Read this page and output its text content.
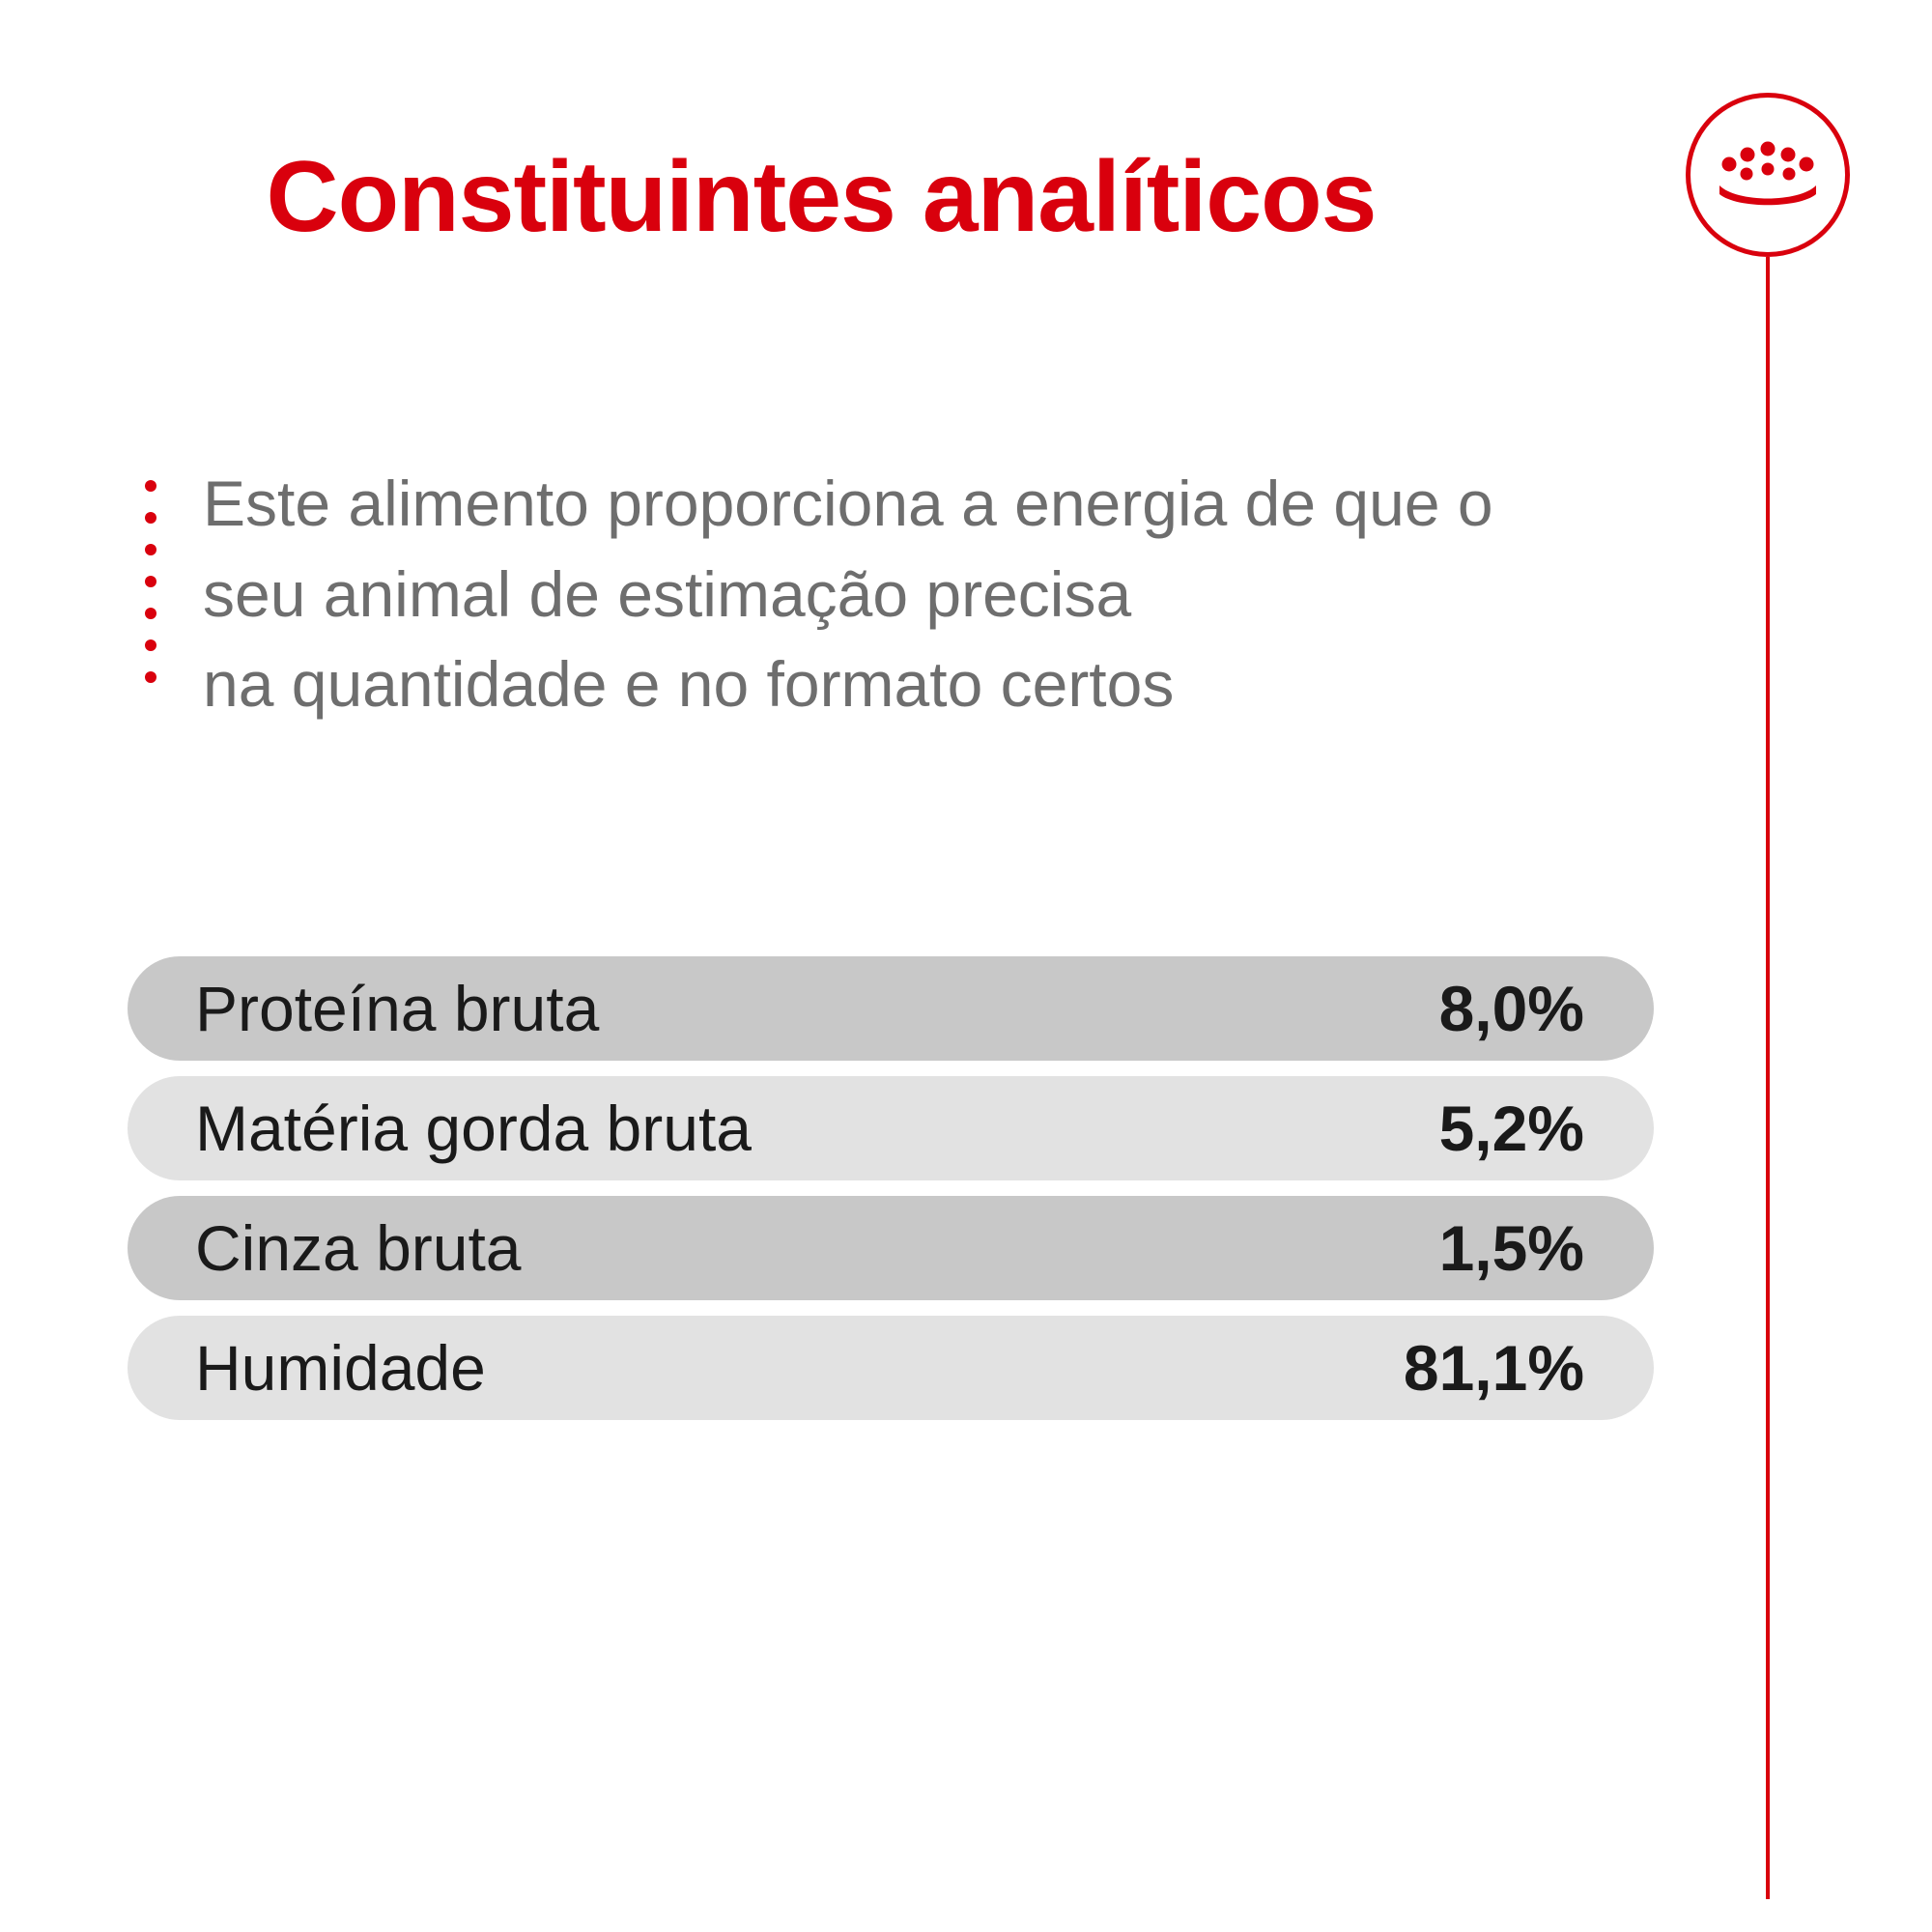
Constituintes analíticos
Este alimento proporciona a energia de que o
seu animal de estimação precisa
na quantidade e no formato certos
Proteína bruta	8,0%
Matéria gorda bruta	5,2%
Cinza bruta	1,5%
Humidade	81,1%
